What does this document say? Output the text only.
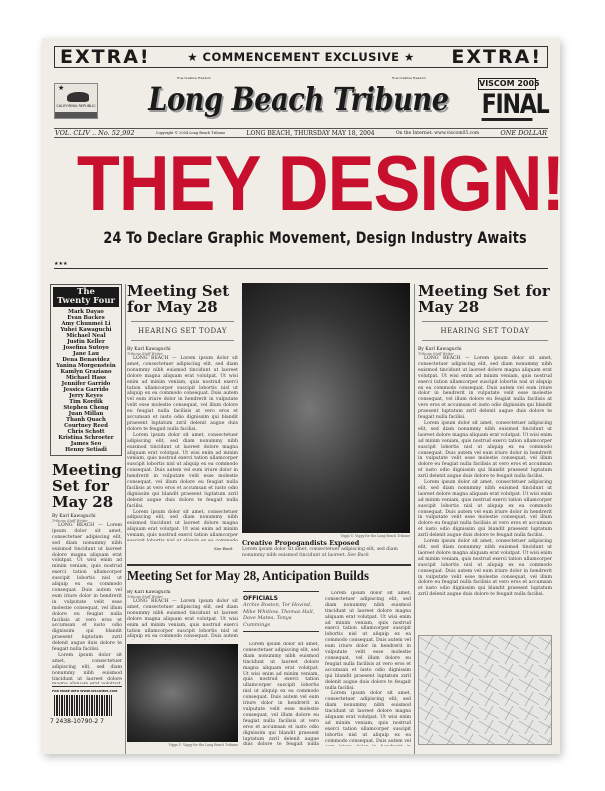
EXTRA!	★ COMMENCEMENT EXCLUSIVE ★ EXTRA!
★
CALIFORNIA REPUBLIC
True Creative Freedom	True Creative Freedom
Long Beach Tribune	VISCOM 2005
FINAL
VOL. CLIV .. No. 52,992	Copyright © 2004 Long Beach Tribune	LONG BEACH, THURSDAY MAY 18, 2004	On the Internet: www.viscom05.com	ONE DOLLAR
THEY DESIGN!
24 To Declare Graphic Movement, Design Industry Awaits
★★★
The
Twenty Four
Mark Dayao
Evan Backes
Amy Chunmei Li
Yuhei Kawaguchi
Michael Neal
Justin Keller
Josefina Sutoyo
Jane Lau
Dena Benavidez
Yanina Morgenstein
Kamlyn Graziano
Michael Hass
Jennifer Garrido
Jessica Garrido
Jerry Keyes
Tim Kordik
Stephen Cheng
Juan Millan
Thanh Quach
Courtney Reed
Chris Schott
Kristina Schroeter
James Seo
Henny Setiadi
Meeting Set for May 28
By Karl Kawaguchi
Tribune Staff Writer

LONG BEACH — Lorem ipsum dolor sit amet, consectetuer adipiscing elit, sed diam nonummy nibh euismod tincidunt ut laoreet dolore magna aliquam erat volutpat. Ut wisi enim ad minim veniam, quis nostrud exerci tation ullamcorper suscipit lobortis nisl ut aliquip ex ea commodo consequat. Duis autem vel eum iriure dolor in hendrerit in vulputate velit esse molestie consequat, vel illum dolore eu feugiat nulla facilisis at vero eros et accumsan et iusto odio dignissim qui blandit praesent luptatum zzril delenit augue duis dolore te feugait nulla facilisi.

Lorem ipsum dolor sit amet, consectetuer adipiscing elit, sed diam nonummy nibh euismod tincidunt ut laoreet dolore

FOR MORE INFO WWW.VISCOM05.COM
7 2438-10790-2 7
Meeting Set for May 28
HEARING SET TODAY
By Karl Kawaguchi
Tribune Staff Writer

LONG BEACH — Lorem ipsum dolor sit amet, consectetuer adipiscing elit, sed diam nonummy nibh euismod tincidunt ut laoreet dolore magna aliquam erat volutpat. Ut wisi enim ad minim veniam, quis nostrud exerci tation ullamcorper suscipit lobortis nisl ut aliquip ex ea commodo consequat. Duis autem vel eum iriure dolor in hendrerit in vulputate velit esse molestie consequat, vel illum dolore eu feugiat nulla facilisis at vero eros et accumsan et iusto odio dignissim qui blandit praesent luptatum zzril delenit augue duis dolore te feugait nulla facilisi.

Lorem ipsum dolor sit amet, consectetuer adipiscing elit, sed diam nonummy nibh euismod tincidunt ut laoreet dolore magna aliquam erat volutpat. Ut wisi enim ad minim veniam, quis nostrud exerci tation ullamcorper suscipit lobortis nisl ut aliquip ex ea commodo consequat. Duis autem vel eum iriure dolor in hendrerit in vulputate velit esse molestie consequat, vel illum dolore eu feugiat nulla facilisis at vero eros et accumsan et iusto odio dignissim qui blandit praesent luptatum zzril delenit augue duis dolore te feugait nulla facilisi.

Lorem ipsum dolor sit amet, consectetuer adipiscing elit, sed diam nonummy nibh euismod tincidunt ut laoreet dolore magna aliquam erat volutpat. Ut wisi enim ad minim veniam, quis nostrud exerci tation ullamcorper

See Back
Viggo U. Viggy for the Long Beach Tribune
Creative Propogandists Exposed
Lorem ipsum dolor sit amet, consectetuer adipiscing elit, sed diam nonummy nibh euismod tincidunt ut laoreet. See Back
Meeting Set for May 28
HEARING SET TODAY
By Karl Kawaguchi
Tribune Staff Writer

LONG BEACH — Lorem ipsum dolor sit amet, consectetuer adipiscing elit, sed diam nonummy nibh euismod tincidunt ut laoreet dolore magna aliquam erat volutpat. Ut wisi enim ad minim veniam, quis nostrud exerci tation ullamcorper suscipit lobortis nisl ut aliquip ex ea commodo consequat. Duis autem vel eum iriure dolor in hendrerit in vulputate velit esse molestie consequat, vel illum dolore eu feugiat nulla facilisis at vero eros et accumsan et iusto odio dignissim qui blandit praesent luptatum zzril delenit augue duis dolore te feugait nulla facilisi.

Lorem ipsum dolor sit amet, consectetuer adipiscing elit, sed diam nonummy nibh euismod tincidunt ut laoreet dolore magna aliquam erat volutpat. Ut wisi enim ad minim veniam, quis nostrud exerci tation ullamcorper suscipit lobortis nisl ut aliquip ex ea commodo consequat. Duis autem vel eum iriure dolor in hendrerit in vulputate velit esse molestie consequat, vel illum dolore eu feugiat nulla facilisis at vero eros et accumsan et iusto odio dignissim qui blandit praesent luptatum zzril delenit augue duis dolore te feugait nulla facilisi.

Lorem ipsum dolor sit amet, consectetuer adipiscing elit, sed diam nonummy nibh euismod tincidunt ut laoreet dolore magna aliquam erat volutpat. Ut wisi enim ad minim veniam, quis nostrud exerci tation ullamcorper suscipit lobortis nisl ut aliquip ex ea commodo consequat. Duis autem vel eum iriure dolor in hendrerit in vulputate velit esse molestie consequat, vel illum dolore eu feugiat nulla facilisis at vero eros et accumsan et iusto odio dignissim qui blandit praesent luptatum zzril delenit augue duis dolore te feugait nulla facilisi.

Lorem ipsum dolor sit amet, consectetuer adipiscing elit, sed diam nonummy nibh euismod tincidunt ut laoreet dolore magna aliquam erat volutpat. Ut wisi enim ad minim veniam, quis nostrud exerci tation ullamcorper suscipit lobortis nisl ut aliquip ex ea commodo consequat. Duis autem vel eum iriure dolor in hendrerit in vulputate velit esse molestie consequat, vel illum dolore eu feugiat nulla facilisis at vero eros et accumsan et iusto odio dignissim qui blandit praesent luptatum zzril delenit augue duis dolore te feugait nulla facilisi.

Meeting Set for May 28, Anticipation Builds
By Karl Kawaguchi
Tribune Staff Writer

LONG BEACH — Lorem ipsum dolor sit amet, consectetuer adipiscing elit, sed diam nonummy nibh euismod tincidunt ut laoreet dolore magna aliquam erat volutpat. Ut wisi enim ad minim veniam, quis nostrud exerci tation ullamcorper suscipit lobortis nisl ut aliquip ex ea commodo consequat. Duis autem

Viggo U. Viggy for the Long Beach Tribune
OFFICIALS
Archie Boston, Tor Hovind, Mike Whitlow, Thomas Hall, Dave Matea, Tonya Cummings

Lorem ipsum dolor sit amet, consectetuer adipiscing elit, sed diam nonummy nibh euismod tincidunt ut laoreet dolore magna aliquam erat volutpat. Ut wisi enim ad minim veniam, quis nostrud exerci tation ullamcorper suscipit lobortis nisl ut aliquip ex ea commodo consequat. Duis autem vel eum iriure dolor in hendrerit in vulputate velit esse molestie consequat, vel illum dolore eu feugiat nulla facilisis at vero eros et accumsan et iusto odio dignissim qui blandit praesent luptatum zzril delenit augue duis dolore te feugait nulla

Lorem ipsum dolor sit amet, consectetuer adipiscing elit, sed diam nonummy nibh euismod tincidunt ut laoreet dolore magna aliquam erat volutpat. Ut wisi enim ad minim veniam, quis nostrud exerci tation ullamcorper suscipit lobortis nisl ut aliquip ex ea commodo consequat. Duis autem vel eum iriure dolor in hendrerit in vulputate velit esse molestie consequat, vel illum dolore eu feugiat nulla facilisis at vero eros et accumsan et iusto odio dignissim qui blandit praesent luptatum zzril delenit augue duis dolore te feugait nulla facilisi.

Lorem ipsum dolor sit amet, consectetuer adipiscing elit, sed diam nonummy nibh euismod tincidunt ut laoreet dolore magna aliquam erat volutpat. Ut wisi enim ad minim veniam, quis nostrud exerci tation ullamcorper suscipit lobortis nisl ut aliquip ex ea commodo consequat. Duis autem vel
